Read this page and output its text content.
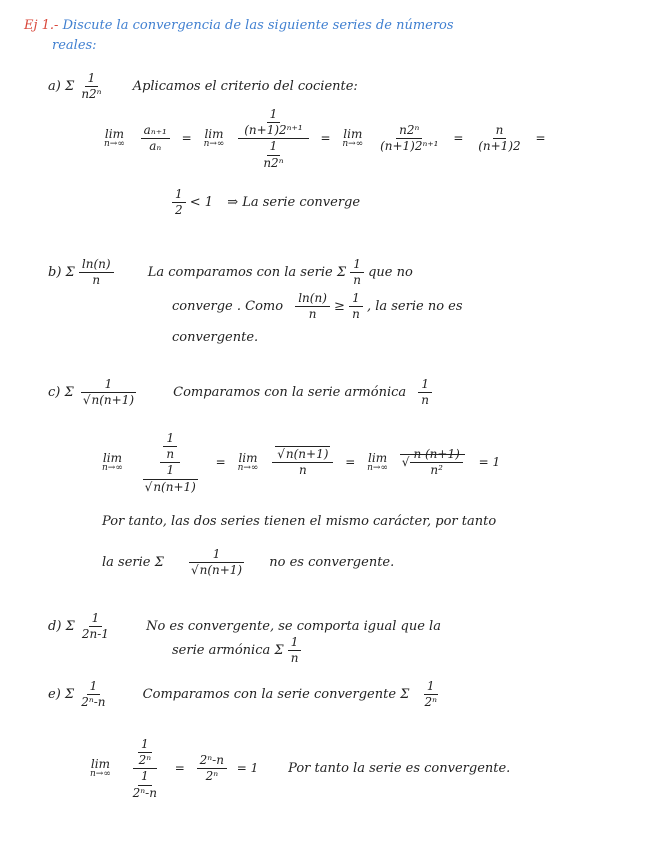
Ej 1.- Discute la convergencia de las siguiente series de números
reales:
a) Σ $\frac{1}{\text{n2ⁿ}}$ Aplicamos el criterio del cociente:
lim
n→∞
$\frac{\text{aₙ₊₁}}{\text{aₙ}} = \lim$
n→∞
$\frac{\frac{1}{\text{(n+1)2ⁿ⁺¹}}}{\frac{1}{\text{n2ⁿ}}} = \lim$
n→∞
$\frac{\text{n2ⁿ}}{\text{(n+1)2ⁿ⁺¹}} = \frac{n}{(n+1)2}$ =
$\frac{1}{2} < 1$ ⇒ La serie converge
b) Σ $\frac{\ln(n)}{n}$	La comparamos con la serie Σ $\frac{1}{n}$ que no
converge . Como $\frac{\ln(n)}{n} \ge \frac{1}{n}$ , la serie no es
convergente.
c) Σ 1
√ n(n+1)	Comparamos con la serie armónica $\frac{1}{n}$
lim
n→∞
$\frac{1}{n}$
1
√ n(n+1) = lim
n→∞
√ $\frac{n(n+1)}{n} = \lim$
n→∞
√ $\frac{n (n+1)}{\text{n²}} = 1$
Por tanto, las dos series tienen el mismo carácter, por tanto
la serie Σ 1
√ n(n+1) no es convergente.
d) Σ $\frac{1}{2n-1}$	No es convergente, se comporta igual que la
serie armónica Σ $\frac{1}{n}$
e) Σ $\frac{1}{\text{2ⁿ-n}}$	Comparamos con la serie convergente Σ $\frac{1}{\text{2ⁿ}}$
lim
n→∞
$\frac{\frac{1}{\text{2ⁿ}}}{\frac{1}{\text{2ⁿ-n}}} = \frac{\text{2ⁿ-n}}{\text{2ⁿ}} = 1$ Por tanto la serie es convergente.
